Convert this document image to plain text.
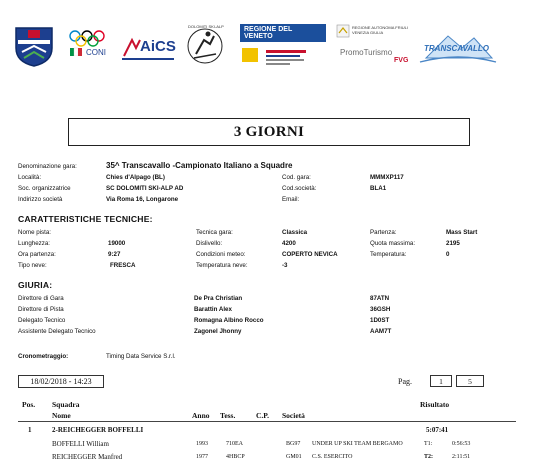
CONI AiCS
DOLOMITI SKI-ALP	REGIONE DEL VENETO
REGIONE AUTONOMA FRIULI VENEZIA GIULIA
PromoTurismo
FVG
TRANSCAVALLO
3 GIORNI
Denominazione gara:	35^ Transcavallo -Campionato Italiano a Squadre
Località:	Chies d'Alpago (BL)	Cod. gara:	MMMXP117
Soc. organizzatrice	SC DOLOMITI SKI-ALP AD	Cod.società:	BLA1
Indirizzo società	Via Roma 16, Longarone	Email:
CARATTERISTICHE TECNICHE:
Nome pista:	Tecnica gara:	Classica	Partenza:	Mass Start
Lunghezza:	19000	Dislivello:	4200	Quota massima:	2195
Ora partenza:	9:27	Condizioni meteo:	COPERTO NEVICA	Temperatura:	0
Tipo neve:	FRESCA	Temperatura neve:	-3
GIURIA:
Direttore di Gara	De Pra Christian	87ATN
Direttore di Pista	Barattin Alex	36GSH
Delegato Tecnico	Romagna Albino Rocco	1D0ST
Assistente Delegato Tecnico	Zagonel Jhonny	AAM7T
Cronometraggio:	Timing Data Service S.r.l.
18/02/2018 - 14:23	Pag.	1	5
Pos. Squadra	Risultato
Nome	Anno Tess.	C.P. Società
1	2-REICHEGGER BOFFELLI	5:07:41
BOFFELLI William	1993	710EA	BG97 UNDER UP SKI TEAM BERGAMO	T1:	0:56:53
REICHEGGER Manfred	1977	4HBCP	GM01 C.S. ESERCITO	T2:	2:11:51
